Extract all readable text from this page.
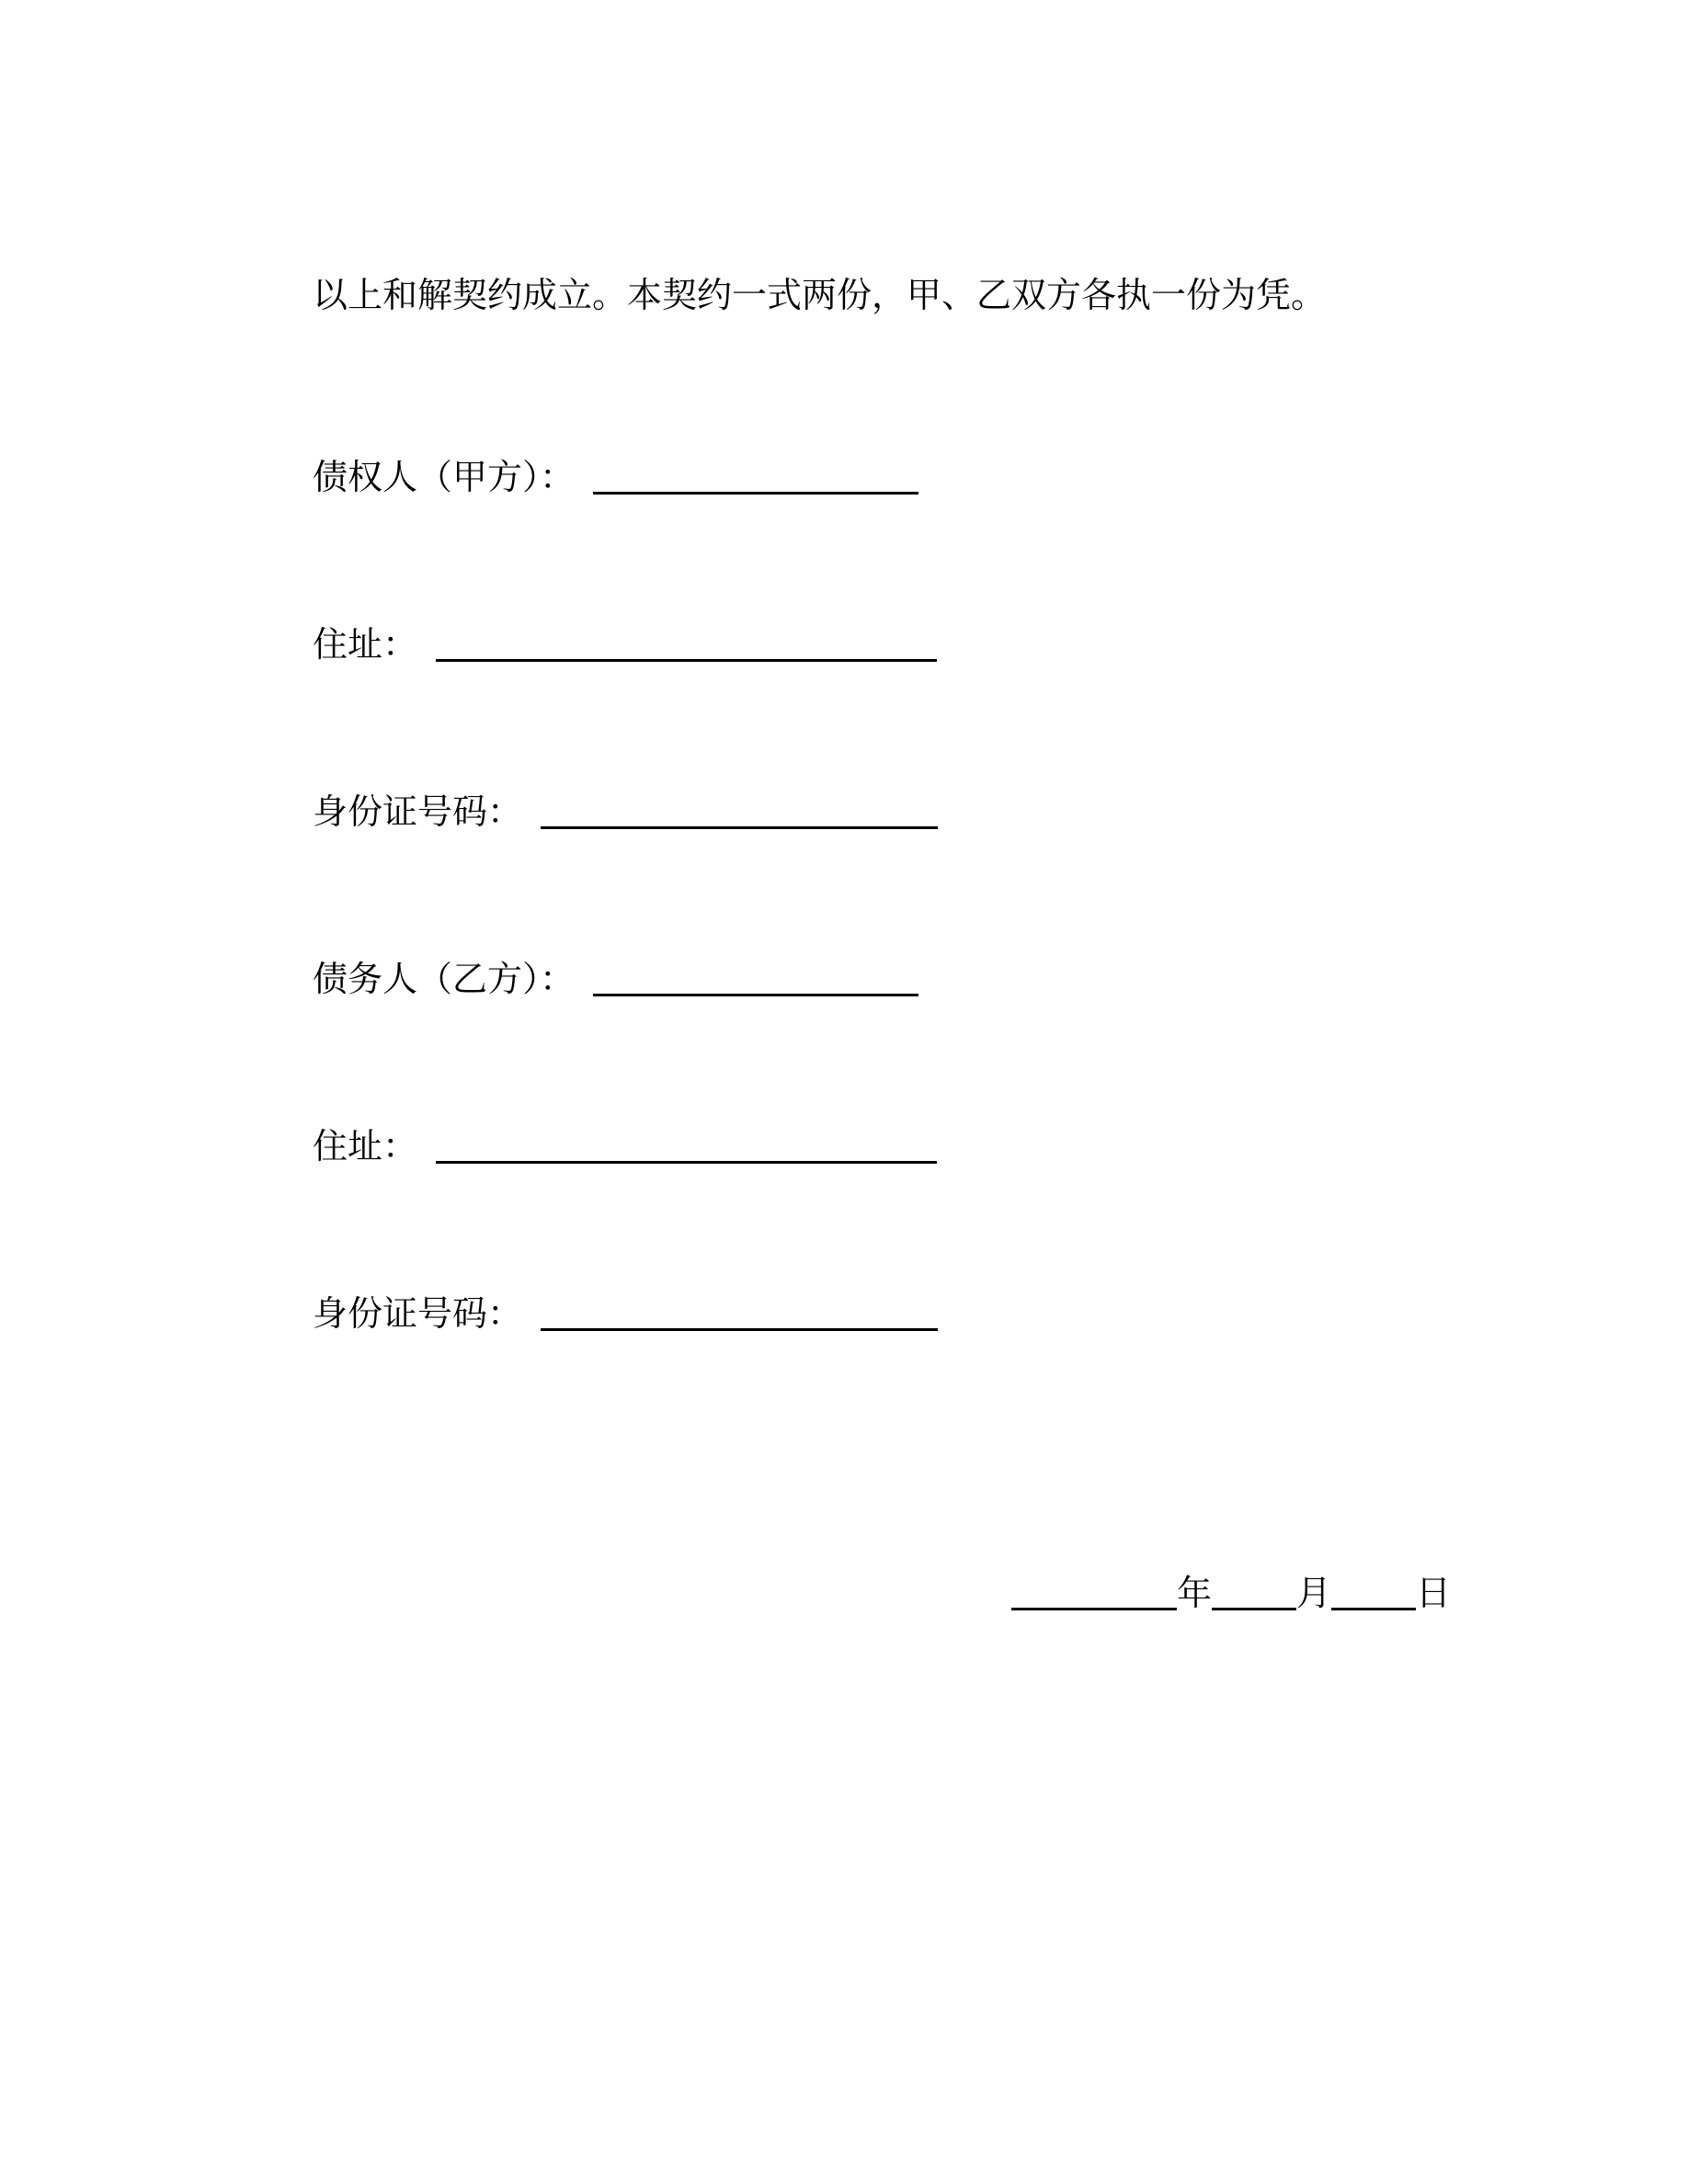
以上和解契约成立。本契约一式两份，甲、乙双方各执一份为凭。
债权人（甲方）：
住址：
身份证号码：
债务人（乙方）：
住址：
身份证号码：
年 月 日
